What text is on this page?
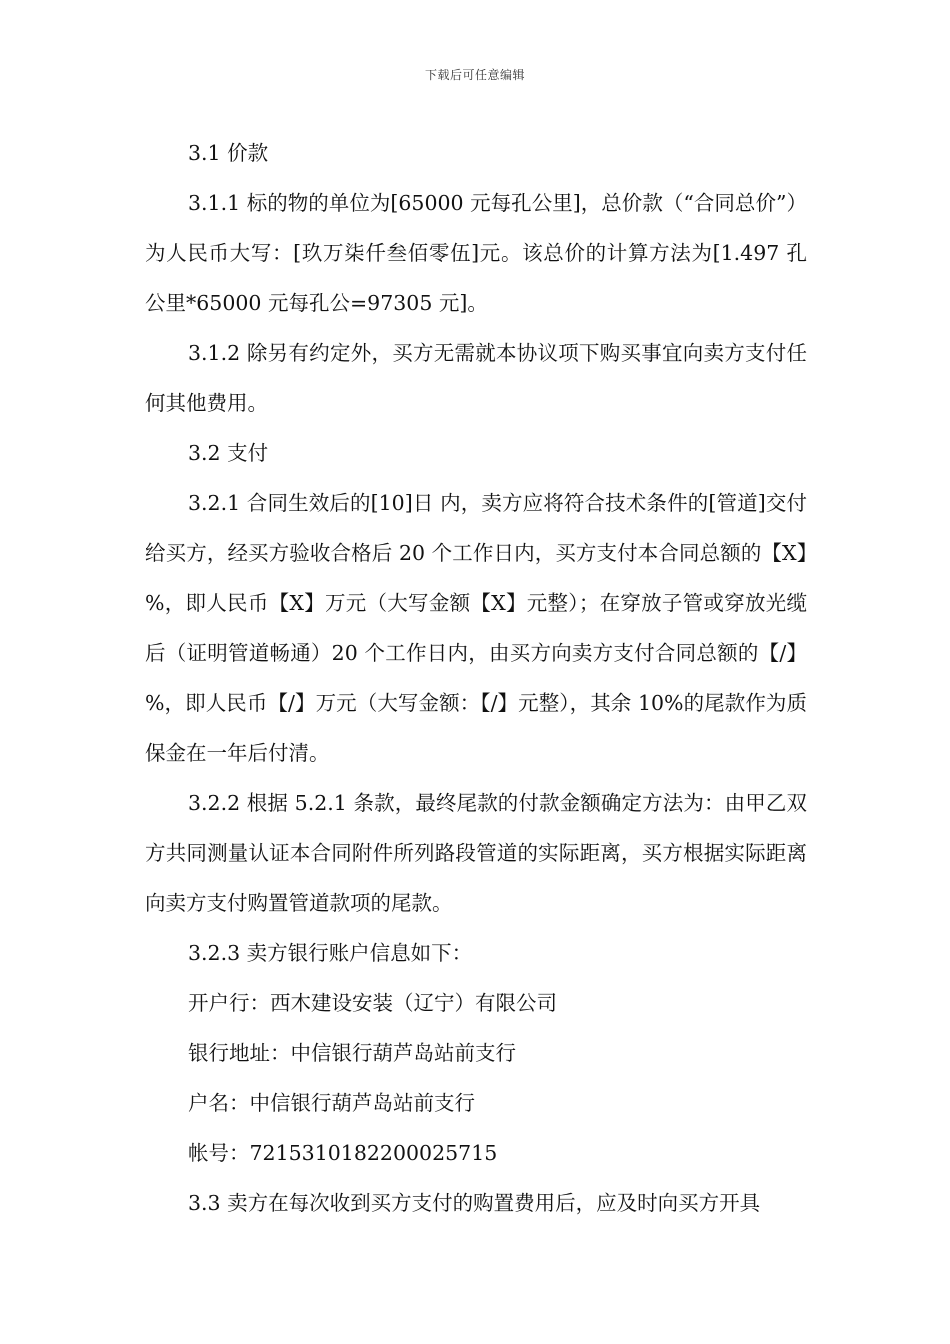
下载后可任意编辑

3.1 价款

3.1.1 标的物的单位为[65000 元每孔公里]，总价款（“合同总价”）为人民币大写：[玖万柒仟叁佰零伍]元。该总价的计算方法为[1.497 孔公里*65000 元每孔公=97305 元]。

3.1.2 除另有约定外，买方无需就本协议项下购买事宜向卖方支付任何其他费用。

3.2 支付

3.2.1 合同生效后的[10]日 内，卖方应将符合技术条件的[管道]交付给买方，经买方验收合格后 20 个工作日内，买方支付本合同总额的【X】%，即人民币【X】万元（大写金额【X】元整）；在穿放子管或穿放光缆后（证明管道畅通）20 个工作日内，由买方向卖方支付合同总额的【/】%，即人民币【/】万元（大写金额：【/】元整），其余 10%的尾款作为质保金在一年后付清。

3.2.2 根据 5.2.1 条款，最终尾款的付款金额确定方法为：由甲乙双方共同测量认证本合同附件所列路段管道的实际距离，买方根据实际距离向卖方支付购置管道款项的尾款。

3.2.3 卖方银行账户信息如下：

开户行：西木建设安装（辽宁）有限公司

银行地址：中信银行葫芦岛站前支行

户名：中信银行葫芦岛站前支行

帐号：7215310182200025715

3.3 卖方在每次收到买方支付的购置费用后，应及时向买方开具
